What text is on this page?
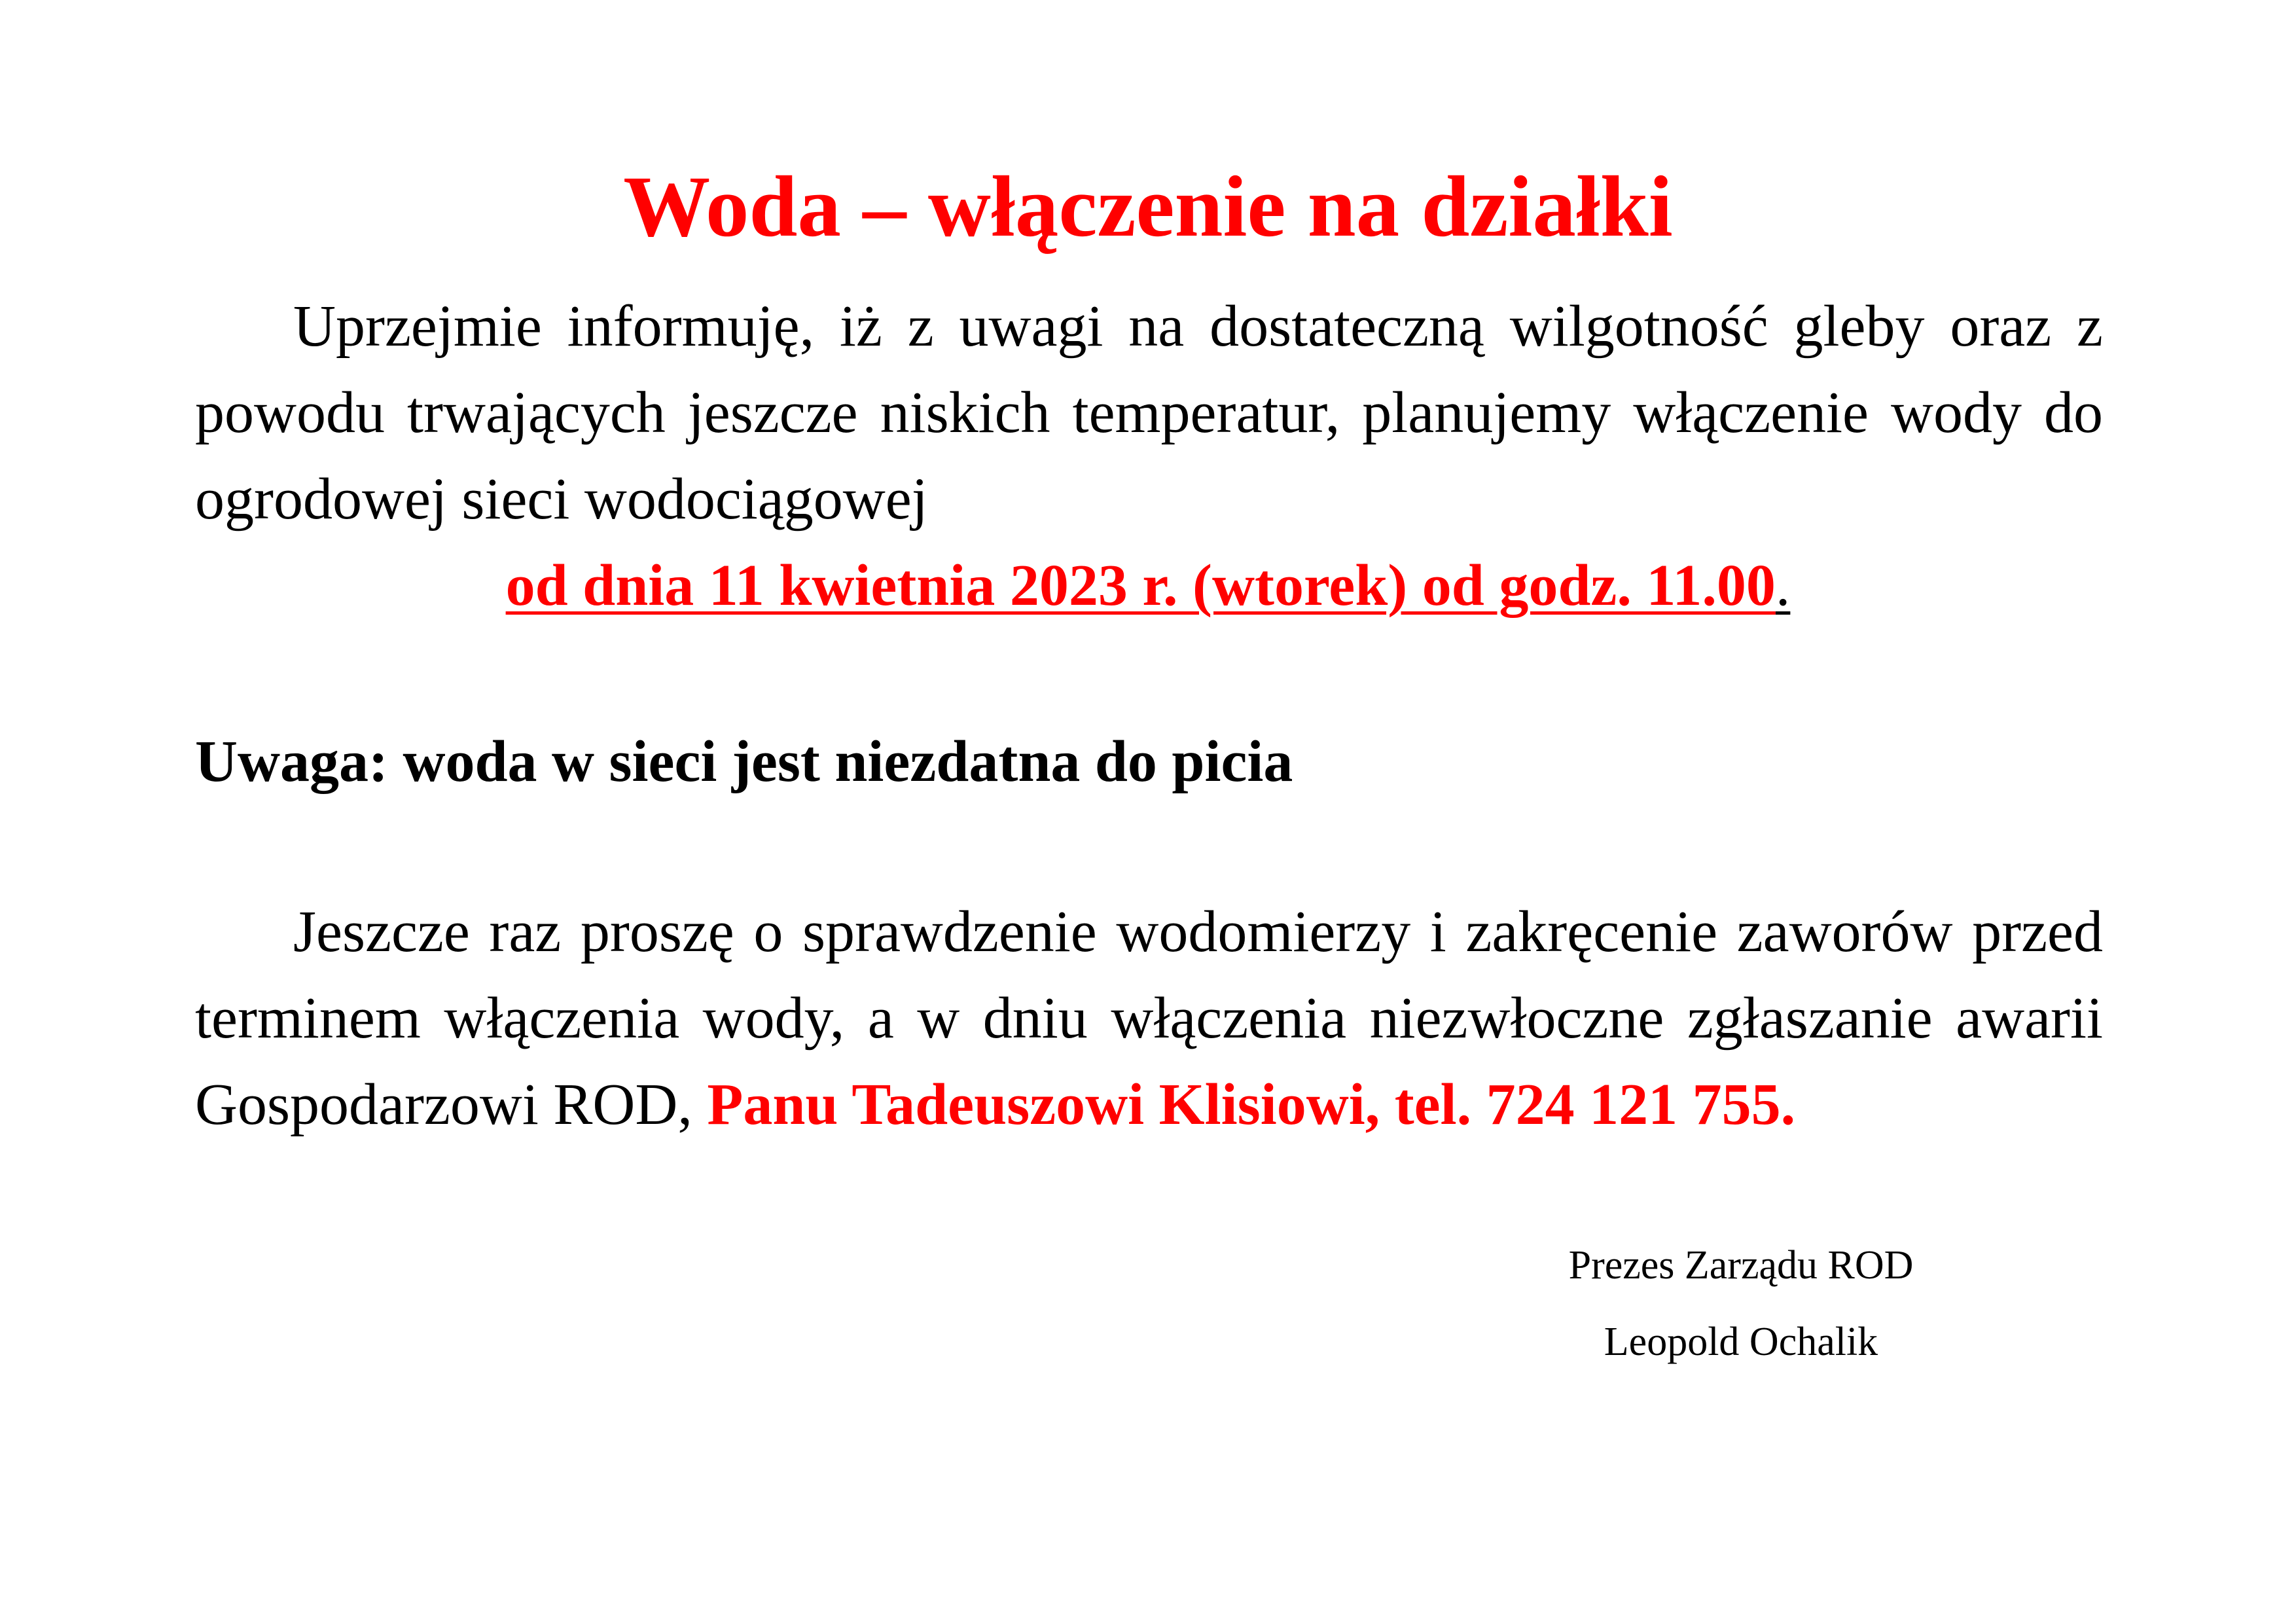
Woda – włączenie na działki

Uprzejmie informuję, iż z uwagi na dostateczną wilgotność gleby oraz z powodu trwających jeszcze niskich temperatur, planujemy włączenie wody do ogrodowej sieci wodociągowej

od dnia 11 kwietnia 2023 r. (wtorek) od godz. 11.00.

Uwaga: woda w sieci jest niezdatna do picia

Jeszcze raz proszę o sprawdzenie wodomierzy i zakręcenie zaworów przed terminem włączenia wody, a w dniu włączenia niezwłoczne zgłaszanie awarii Gospodarzowi ROD, Panu Tadeuszowi Klisiowi, tel. 724 121 755.

Prezes Zarządu ROD

Leopold Ochalik
